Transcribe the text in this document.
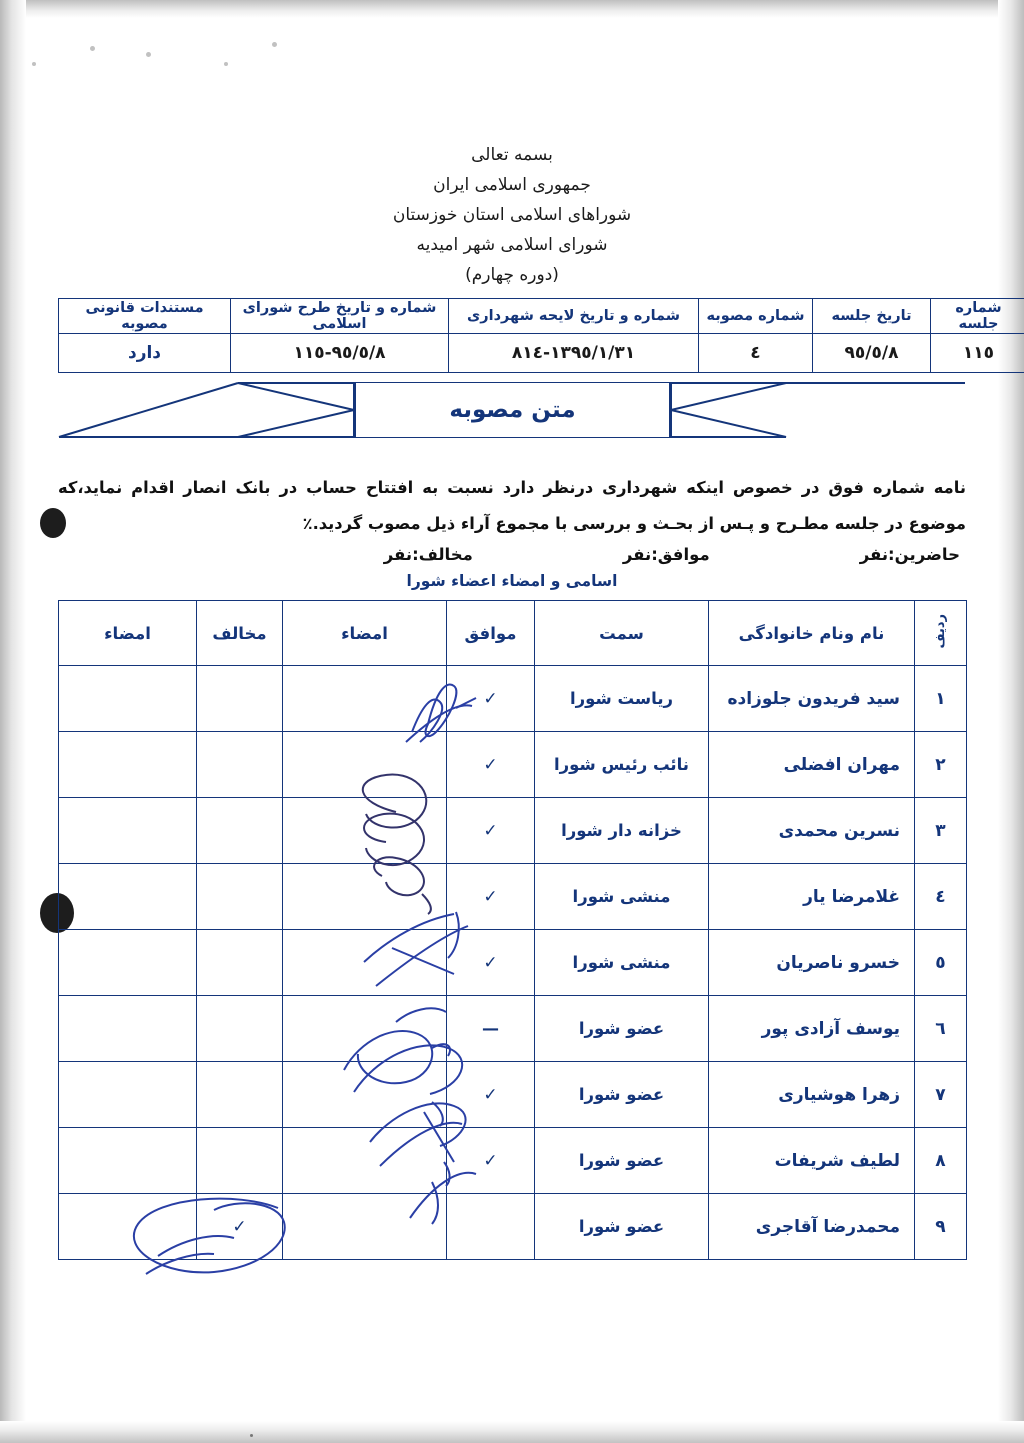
بسمه تعالی
جمهوری اسلامی ایران
شوراهای اسلامی استان خوزستان
شورای اسلامی شهر امیدیه
(دوره چهارم)
شماره جلسه	تاریخ جلسه	شماره مصوبه	شماره و تاریخ لایحه شهرداری	شماره و تاریخ طرح شورای اسلامی	مستندات قانونی مصوبه
١١٥	٩٥/٥/٨	٤	١٣٩٥/١/٣١-٨١٤	٩٥/٥/٨-١١٥	دارد
متن مصوبه
نامه شماره فوق در خصوص اینکه شهرداری درنظر دارد نسبت به افتتاح حساب در بانک انصار اقدام نماید،که موضوع در جلسه مطـرح و پـس از بحـث و بررسی با مجموع آراء ذیل مصوب گردید.٪
حاضرین:
نفر
موافق:
نفر
مخالف:
نفر
اسامی و امضاء اعضاء شورا
ردیف	نام ونام خانوادگی	سمت	موافق	امضاء	مخالف	امضاء
١	سید فریدون جلوزاده	ریاست شورا	✓			
٢	مهران افضلی	نائب رئیس شورا	✓			
٣	نسرین محمدی	خزانه دار شورا	✓			
٤	غلامرضا یار	منشی شورا	✓			
٥	خسرو ناصریان	منشی شورا	✓			
٦	یوسف آزادی پور	عضو شورا	—			
٧	زهرا هوشیاری	عضو شورا	✓			
٨	لطیف شریفات	عضو شورا	✓			
٩	محمدرضا آقاجری	عضو شورا			✓	
